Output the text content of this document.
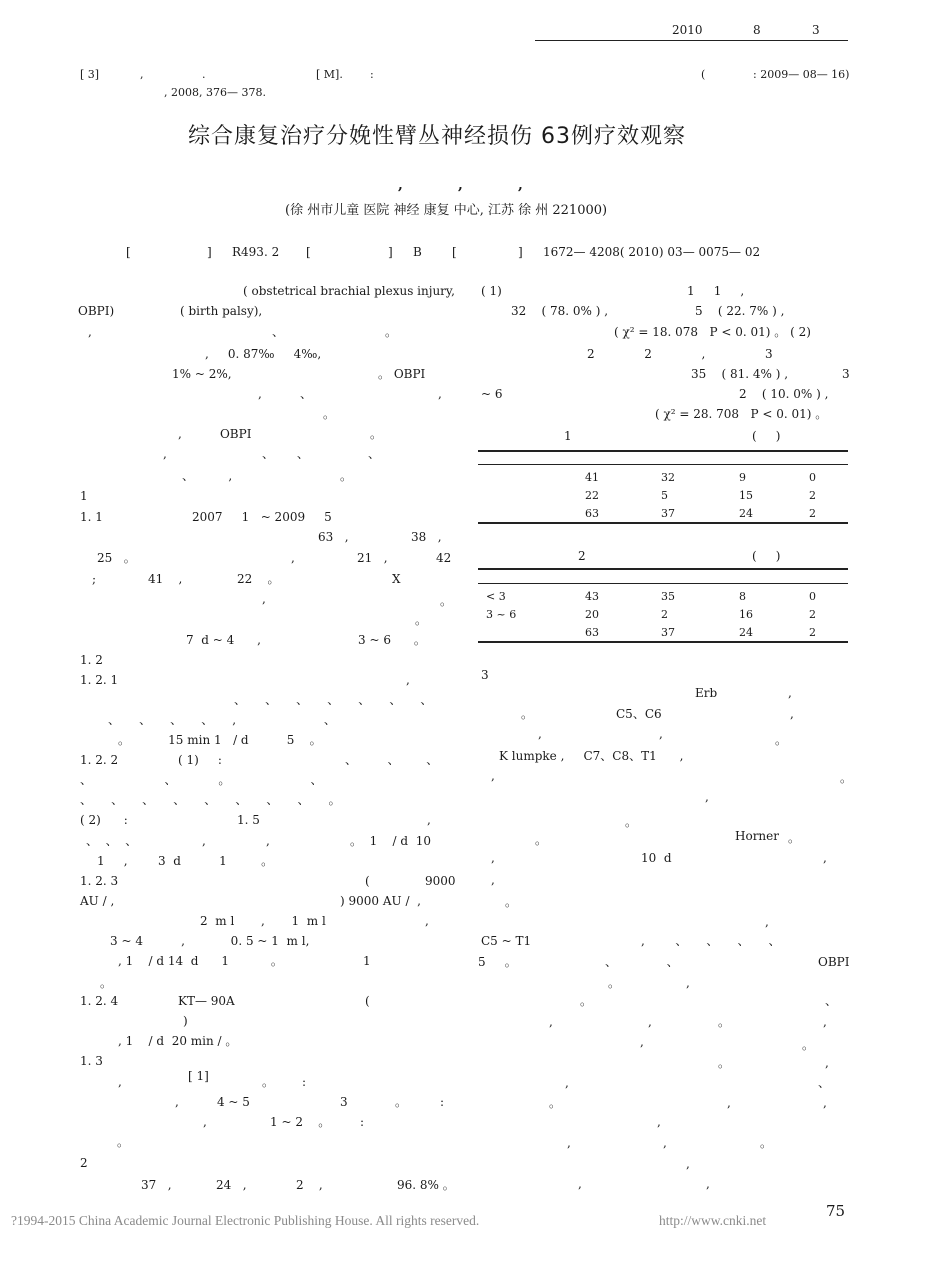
2010	8	3
[ 3]	,	.	[ M]. :
, 2008, 376— 378.
(	: 2009— 08— 16)
综合康复治疗分娩性臂丛神经损伤 63例疗效观察
,	,	,
(徐 州市儿童 医院 神经 康复 中心, 江苏 徐 州 221000)
[	] R493. 2 [	] B	[	] 1672— 4208( 2010) 03— 0075— 02
( obstetrical brachial plexus injury,
OBPI)	( birth palsy),
,	、	。
,     0. 87‰     4‰,
1% ~ 2%,	。 OBPI
,          、	,
。
,          OBPI	。
,	、      、	、
、         ,	。
1
1. 1	2007     1   ~ 2009     5
63   ,	38   ,
25   。	,	21   ,	42
;	41    ,	22    。	X
,	。
。
7  d ~ 4      ,	3 ~ 6      。
1. 2
1. 2. 1	,
、     、     、     、     、     、     、
、     、     、     、     ,                       、
。          15 min 1   / d          5    。
1. 2. 2	( 1)     :	、        、       、
、                   、           。                     、
、     、     、     、     、     、     、     、     。
( 2)      :	1. 5	,
、  、  、	,	,	。  1    / d  10
1     ,        3  d          1         。
1. 2. 3	(	9000
AU / ,	) 9000 AU /  ,
2  m l       ,       1  m l	,
3 ~ 4          ,            0. 5 ~ 1  m l,
, 1    / d 14  d      1           。	1
。
1. 2. 4	KT— 90A	(
)
, 1    / d  20 min / 。
1. 3
[ 1]
,	。 :
,          4 ~ 5	3	。	:
,	1 ~ 2    。 :
。
2
37   ,	24   ,	2    ,	96. 8% 。
( 1)	1     1     ,
32    ( 78. 0% ) ,	5    ( 22. 7% ) ,
( χ² = 18. 078   P < 0. 01) 。 ( 2)
2             2             ,	3
35    ( 81. 4% ) ,	3
~ 6	2    ( 10. 0% ) ,
( χ² = 28. 708   P < 0. 01) 。
3
Erb	,
。	C5、C6	,
,	,	。
K lumpke ,     C7、C8、T1      ,
,	。
,
。
Horner 。
。
,	10  d	,
,
。
,
C5 ~ T1	,        、     、     、     、
5     。	、             、	OBPI
。	,
。	、
,	,	。	,
,	。
。	,
,	、
。	,	,
,
,	,	。
,
,	,
1	(     )
41	32	9	0
22	5	15	2
63	37	24	2
2	(     )
< 3	43	35	8	0
3 ~ 6	20	2	16	2
63	37	24	2
75
?1994-2015 China Academic Journal Electronic Publishing House. All rights reserved.	http://www.cnki.net
